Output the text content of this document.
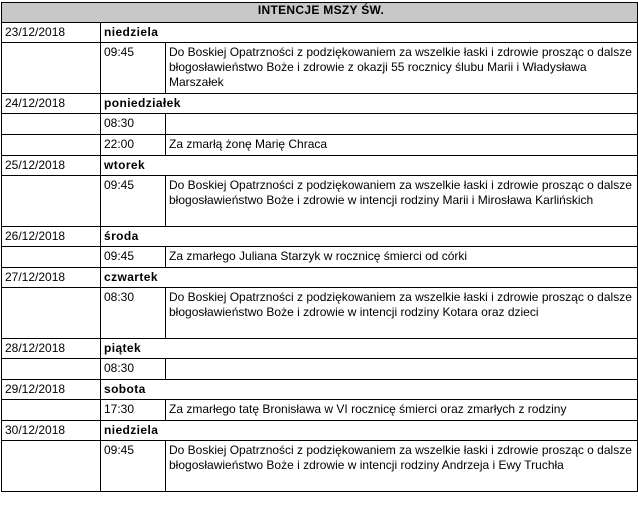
INTENCJE MSZY ŚW.		
23/12/2018	niedziela	
	09:45	Do Boskiej Opatrzności z podziękowaniem za wszelkie łaski i zdrowie prosząc o dalsze błogosławieństwo Boże i zdrowie z okazji 55 rocznicy ślubu Marii i Władysława Marszałek
24/12/2018	poniedziałek	
	08:30	
	22:00	Za zmarłą żonę Marię Chraca
25/12/2018	wtorek	
	09:45	Do Boskiej Opatrzności z podziękowaniem za wszelkie łaski i zdrowie prosząc o dalsze błogosławieństwo Boże i zdrowie w intencji rodziny Marii i Mirosława Karlińskich
26/12/2018	środa	
	09:45	Za zmarłego Juliana Starzyk w rocznicę śmierci od córki
27/12/2018	czwartek	
	08:30	Do Boskiej Opatrzności z podziękowaniem za wszelkie łaski i zdrowie prosząc o dalsze błogosławieństwo Boże i zdrowie w intencji rodziny Kotara oraz dzieci
28/12/2018	piątek	
	08:30	
29/12/2018	sobota	
	17:30	Za zmarłego tatę Bronisława w VI rocznicę śmierci oraz zmarłych z rodziny
30/12/2018	niedziela	
	09:45	Do Boskiej Opatrzności z podziękowaniem za wszelkie łaski i zdrowie prosząc o dalsze błogosławieństwo Boże i zdrowie w intencji rodziny Andrzeja i Ewy Truchła
